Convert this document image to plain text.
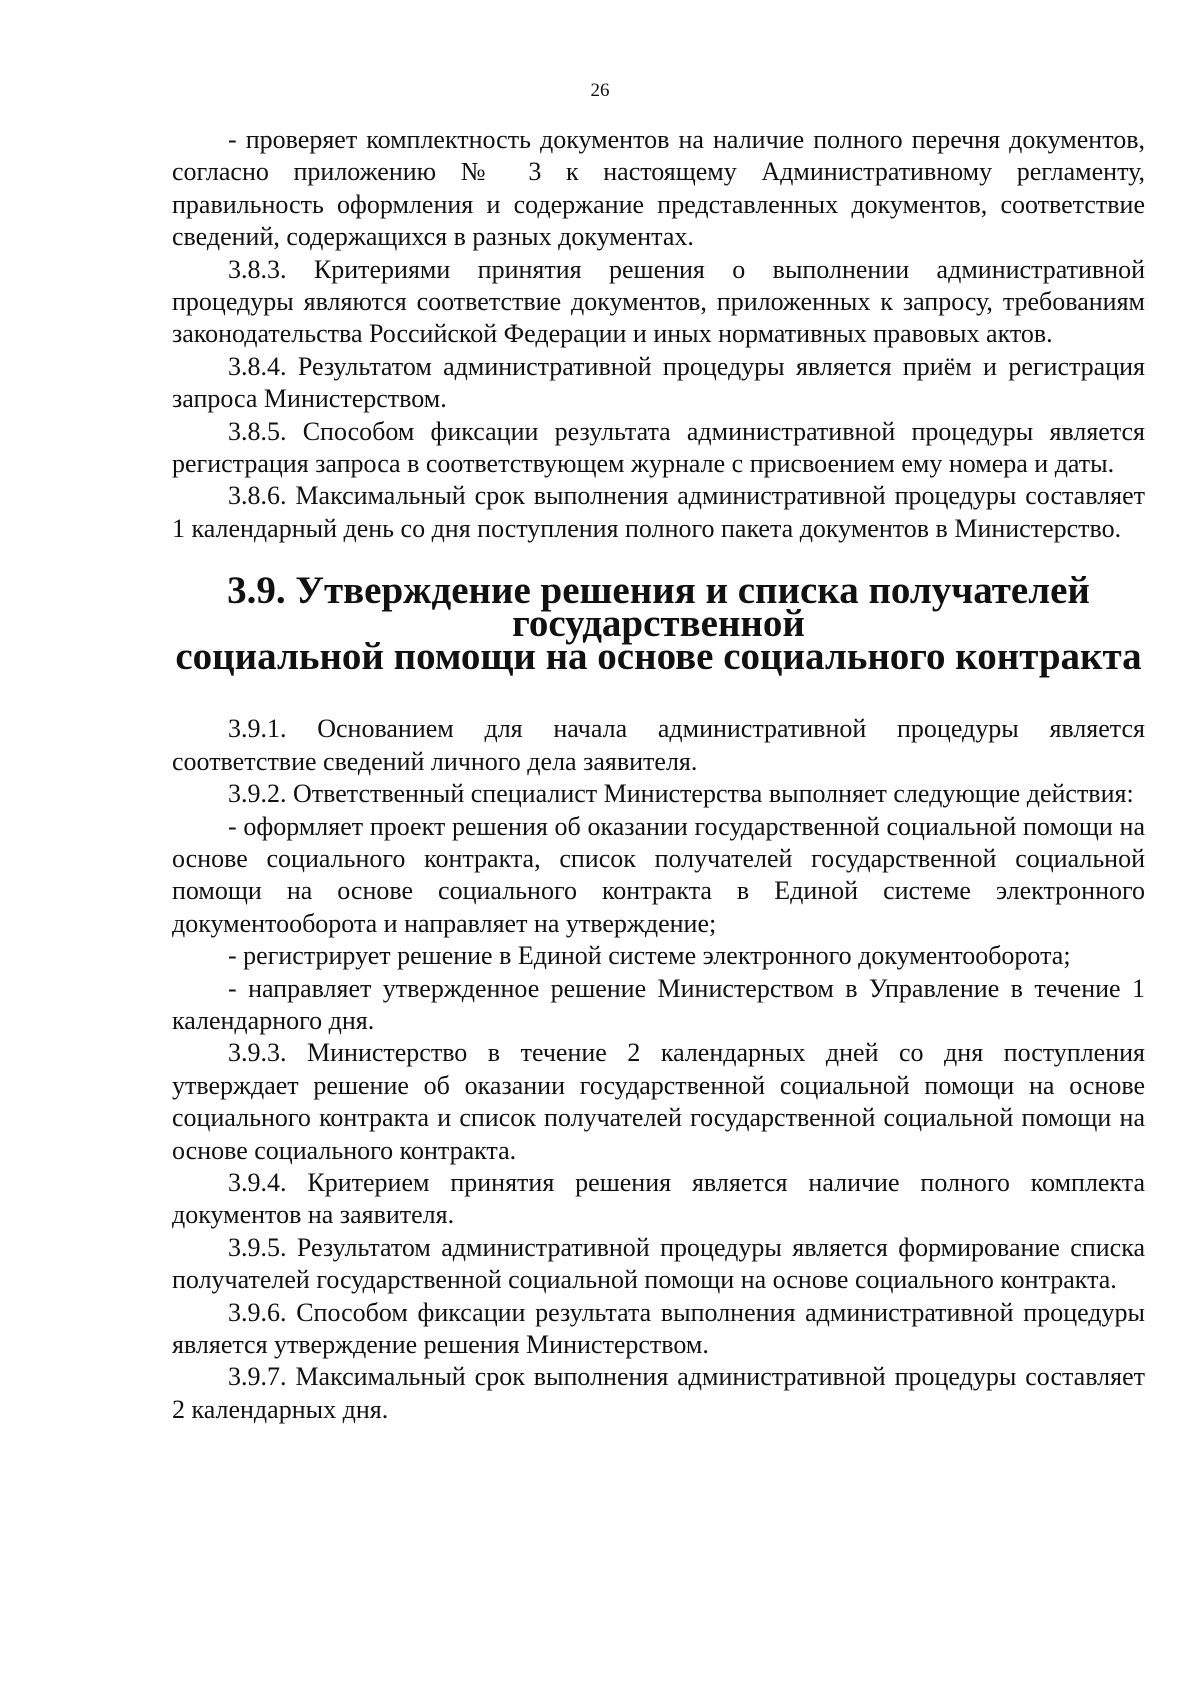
26

- проверяет комплектность документов на наличие полного перечня документов, согласно приложению № 3 к настоящему Административному регламенту, правильность оформления и содержание представленных документов, соответствие сведений, содержащихся в разных документах.

3.8.3. Критериями принятия решения о выполнении административной процедуры являются соответствие документов, приложенных к запросу, требованиям законодательства Российской Федерации и иных нормативных правовых актов.

3.8.4. Результатом административной процедуры является приём и регистрация запроса Министерством.

3.8.5. Способом фиксации результата административной процедуры является регистрация запроса в соответствующем журнале с присвоением ему номера и даты.

3.8.6. Максимальный срок выполнения административной процедуры составляет 1 календарный день со дня поступления полного пакета документов в Министерство.

3.9. Утверждение решения и списка получателей государственной
социальной помощи на основе социального контракта

3.9.1. Основанием для начала административной процедуры является соответствие сведений личного дела заявителя.

3.9.2. Ответственный специалист Министерства выполняет следующие действия:

- оформляет проект решения об оказании государственной социальной помощи на основе социального контракта, список получателей государственной социальной помощи на основе социального контракта в Единой системе электронного документооборота и направляет на утверждение;

- регистрирует решение в Единой системе электронного документооборота;

- направляет утвержденное решение Министерством в Управление в течение 1 календарного дня.

3.9.3. Министерство в течение 2 календарных дней со дня поступления утверждает решение об оказании государственной социальной помощи на основе социального контракта и список получателей государственной социальной помощи на основе социального контракта.

3.9.4. Критерием принятия решения является наличие полного комплекта документов на заявителя.

3.9.5. Результатом административной процедуры является формирование списка получателей государственной социальной помощи на основе социального контракта.

3.9.6. Способом фиксации результата выполнения административной процедуры является утверждение решения Министерством.

3.9.7. Максимальный срок выполнения административной процедуры составляет 2 календарных дня.
